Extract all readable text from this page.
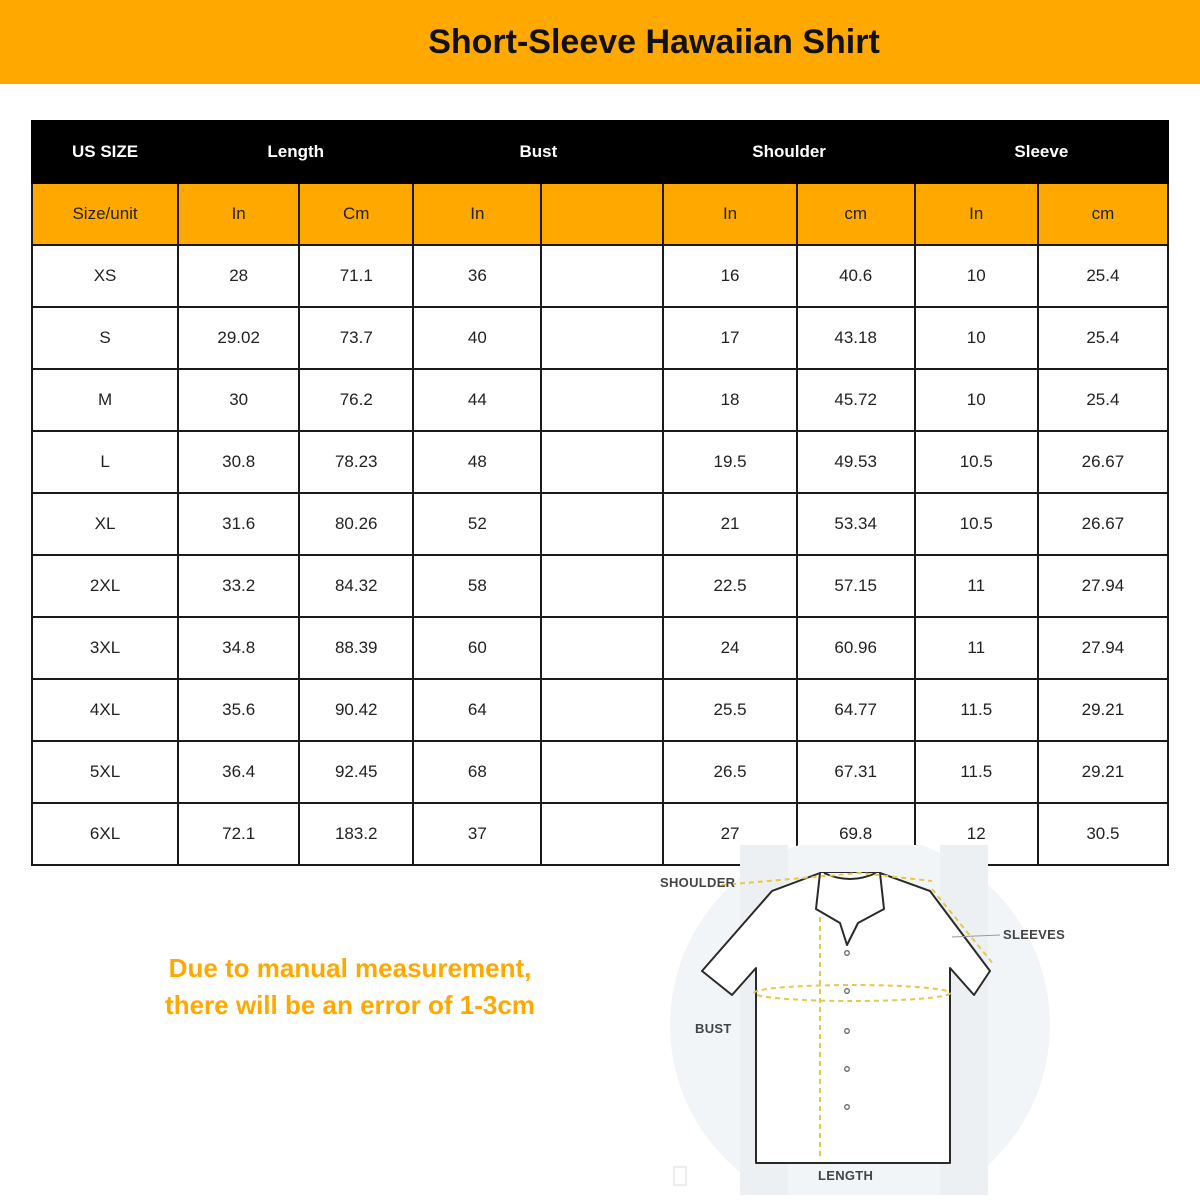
Short-Sleeve Hawaiian Shirt
US SIZE	Length		Bust		Shoulder		Sleeve	
Size/unit	In	Cm	In		In	cm	In	cm
XS	28	71.1	36		16	40.6	10	25.4
S	29.02	73.7	40		17	43.18	10	25.4
M	30	76.2	44		18	45.72	10	25.4
L	30.8	78.23	48		19.5	49.53	10.5	26.67
XL	31.6	80.26	52		21	53.34	10.5	26.67
2XL	33.2	84.32	58		22.5	57.15	11	27.94
3XL	34.8	88.39	60		24	60.96	11	27.94
4XL	35.6	90.42	64		25.5	64.77	11.5	29.21
5XL	36.4	92.45	68		26.5	67.31	11.5	29.21
6XL	72.1	183.2	37		27	69.8	12	30.5
Due to manual measurement,
there will be an error of 1-3cm
SHOULDER
SLEEVES
BUST
LENGTH
